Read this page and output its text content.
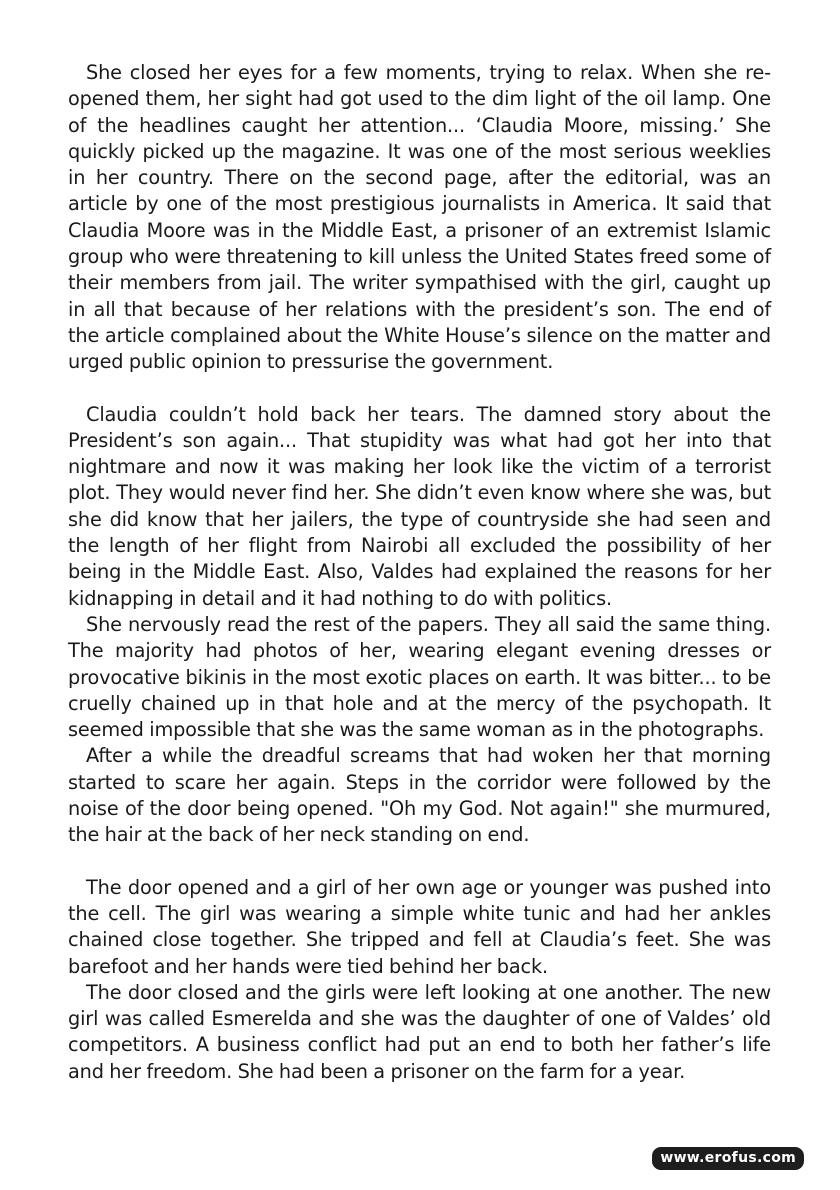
She closed her eyes for a few moments, trying to relax. When she re-opened them, her sight had got used to the dim light of the oil lamp. One of the headlines caught her attention... ‘Claudia Moore, missing.’ She quickly picked up the magazine. It was one of the most serious weeklies in her country. There on the second page, after the editorial, was an article by one of the most prestigious journalists in America. It said that Claudia Moore was in the Middle East, a prisoner of an extremist Islamic group who were threatening to kill unless the United States freed some of their members from jail. The writer sympathised with the girl, caught up in all that because of her relations with the president’s son. The end of the article complained about the White House’s silence on the matter and urged public opinion to pressurise the government.

Claudia couldn’t hold back her tears. The damned story about the President’s son again... That stupidity was what had got her into that nightmare and now it was making her look like the victim of a terrorist plot. They would never find her. She didn’t even know where she was, but she did know that her jailers, the type of countryside she had seen and the length of her flight from Nairobi all excluded the possibility of her being in the Middle East. Also, Valdes had explained the reasons for her kidnapping in detail and it had nothing to do with politics.

She nervously read the rest of the papers. They all said the same thing. The majority had photos of her, wearing elegant evening dresses or provocative bikinis in the most exotic places on earth. It was bitter... to be cruelly chained up in that hole and at the mercy of the psychopath. It seemed impossible that she was the same woman as in the photographs.

After a while the dreadful screams that had woken her that morning started to scare her again. Steps in the corridor were followed by the noise of the door being opened. "Oh my God. Not again!" she murmured, the hair at the back of her neck standing on end.

The door opened and a girl of her own age or younger was pushed into the cell. The girl was wearing a simple white tunic and had her ankles chained close together. She tripped and fell at Claudia’s feet. She was barefoot and her hands were tied behind her back.

The door closed and the girls were left looking at one another. The new girl was called Esmerelda and she was the daughter of one of Valdes’ old competitors. A business conflict had put an end to both her father’s life and her freedom. She had been a prisoner on the farm for a year.

www.erofus.com
